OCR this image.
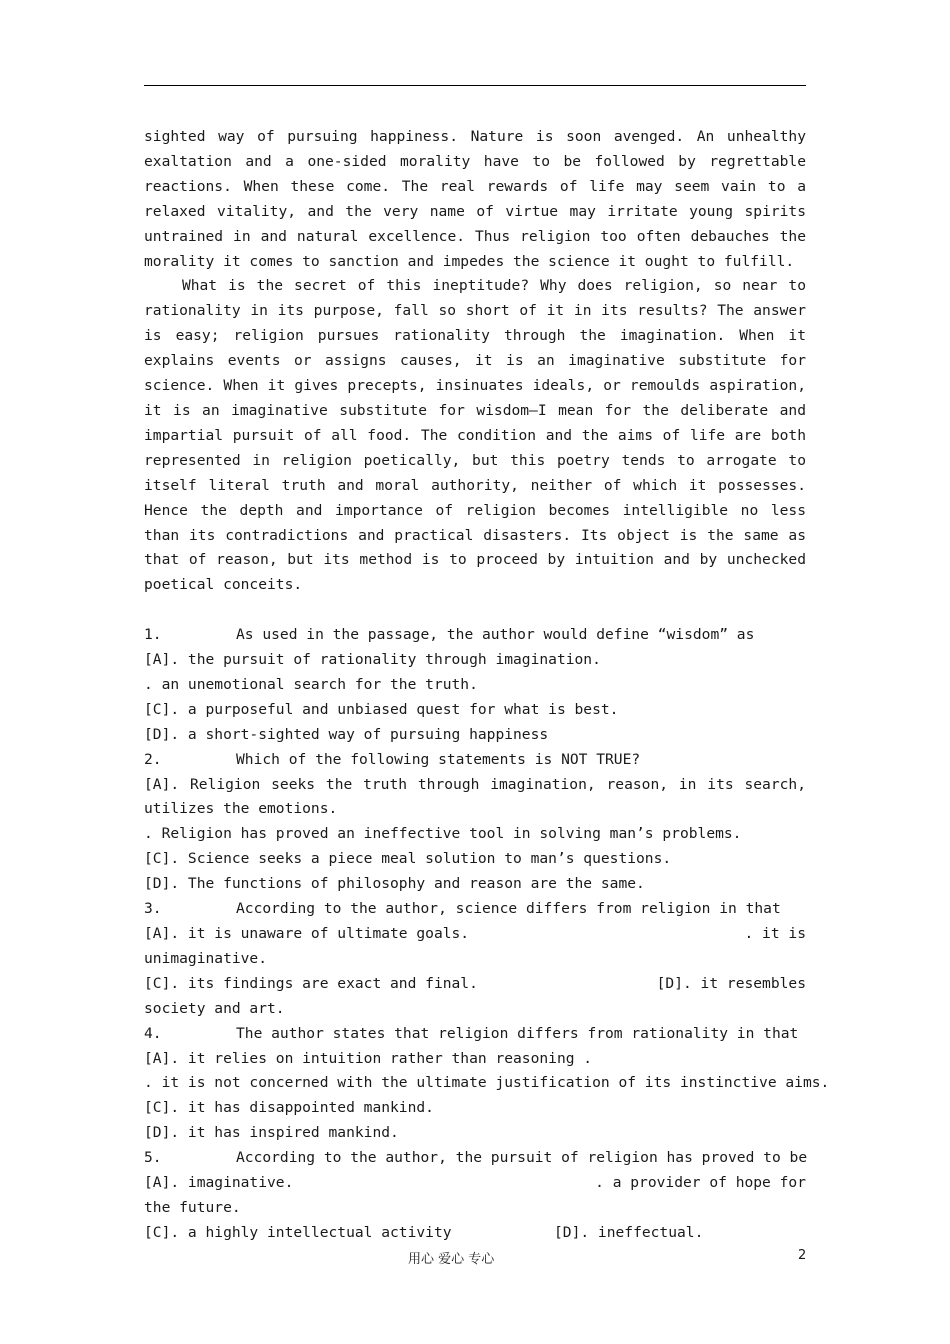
sighted way of pursuing happiness. Nature is soon avenged. An unhealthy exaltation and a one-sided morality have to be followed by regrettable reactions. When these come. The real rewards of life may seem vain to a relaxed vitality, and the very name of virtue may irritate young spirits untrained in and natural excellence. Thus religion too often debauches the morality it comes to sanction and impedes the science it ought to fulfill.

What is the secret of this ineptitude? Why does religion, so near to rationality in its purpose, fall so short of it in its results? The answer is easy; religion pursues rationality through the imagination. When it explains events or assigns causes, it is an imaginative substitute for science. When it gives precepts, insinuates ideals, or remoulds aspiration, it is an imaginative substitute for wisdom—I mean for the deliberate and impartial pursuit of all food. The condition and the aims of life are both represented in religion poetically, but this poetry tends to arrogate to itself literal truth and moral authority, neither of which it possesses. Hence the depth and importance of religion becomes intelligible no less than its contradictions and practical disasters. Its object is the same as that of reason, but its method is to proceed by intuition and by unchecked poetical conceits.

1.	As used in the passage, the author would define “wisdom” as

[A]. the pursuit of rationality through imagination.

. an unemotional search for the truth.

[C]. a purposeful and unbiased quest for what is best.

[D]. a short-sighted way of pursuing happiness

2.	Which of the following statements is NOT TRUE?

[A]. Religion seeks the truth through imagination, reason, in its search, utilizes the emotions.

. Religion has proved an ineffective tool in solving man’s problems.

[C]. Science seeks a piece meal solution to man’s questions.

[D]. The functions of philosophy and reason are the same.

3.	According to the author, science differs from religion in that

[A]. it is unaware of ultimate goals.	. it is

unimaginative.

[C]. its findings are exact and final.	[D]. it resembles

society and art.

4.	The author states that religion differs from rationality in that

[A]. it relies on intuition rather than reasoning .

. it is not concerned with the ultimate justification of its instinctive aims.

[C]. it has disappointed mankind.

[D]. it has inspired mankind.

5.	According to the author, the pursuit of religion has proved to be

[A]. imaginative.	. a provider of hope for

the future.

[C]. a highly intellectual activity	[D]. ineffectual.
用心 爱心 专心	2
